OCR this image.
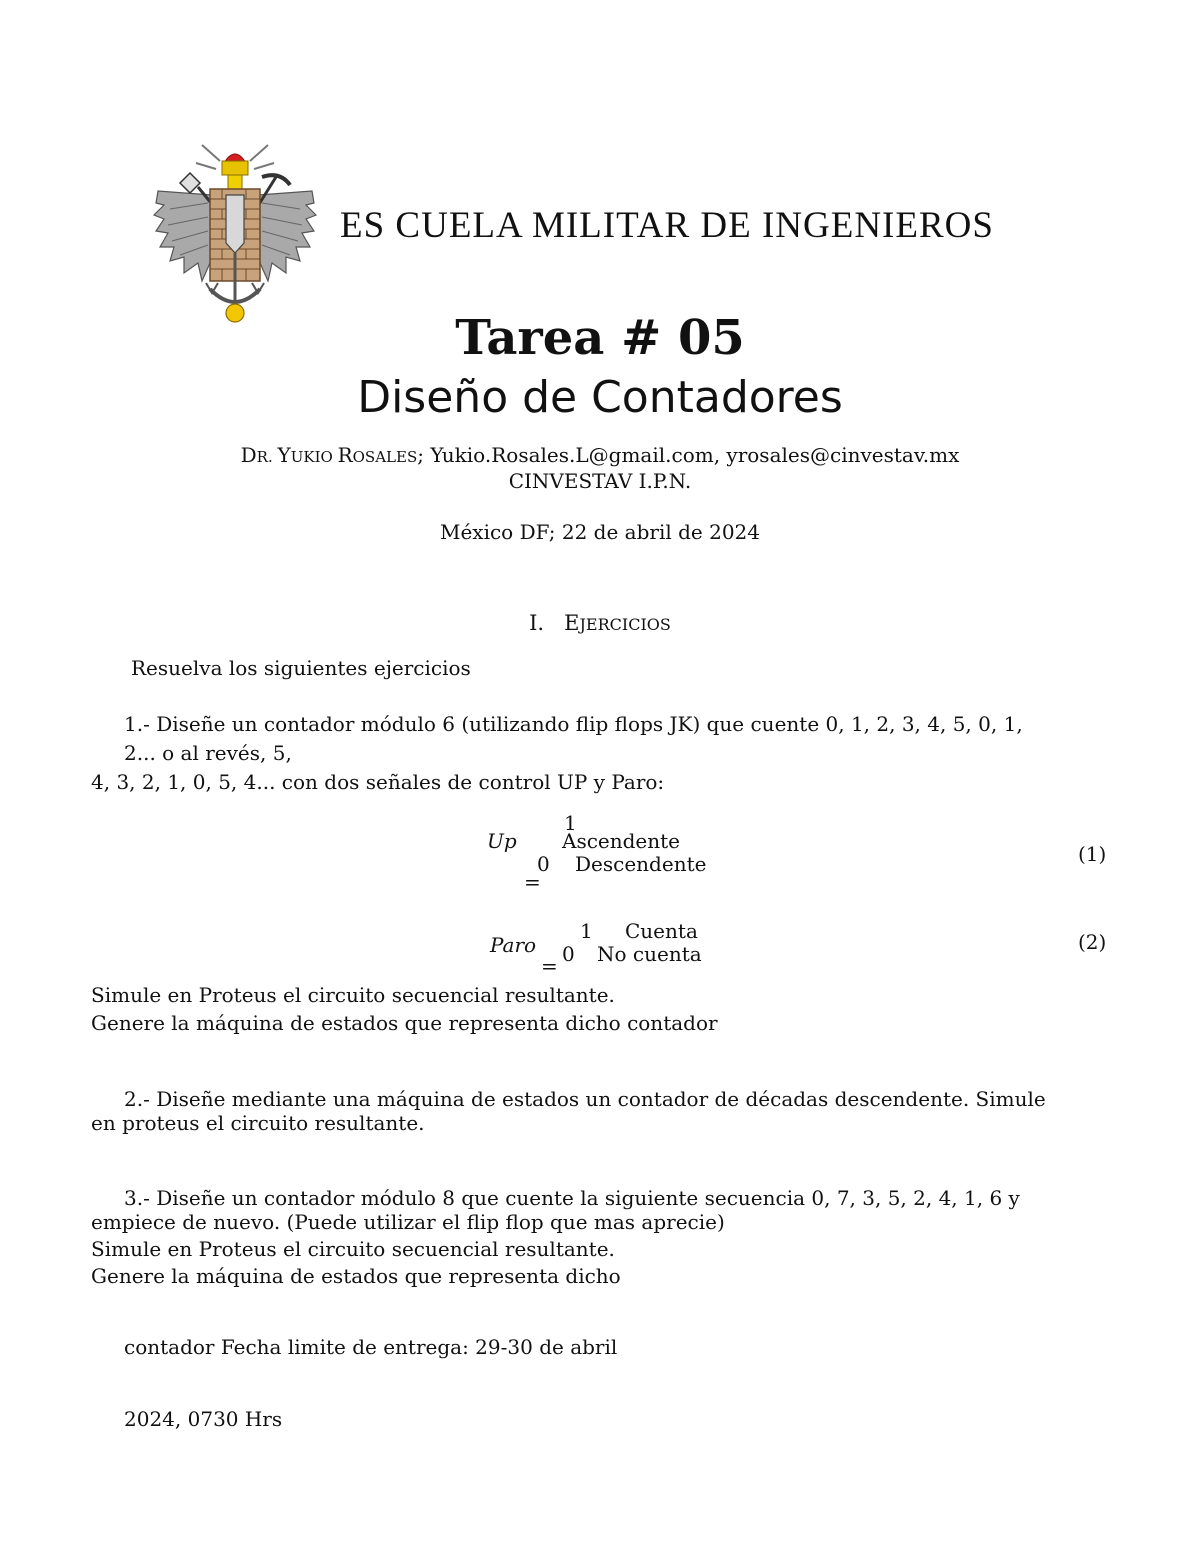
ES CUELA MILITAR DE INGENIEROS
Tarea # 05
Diseño de Contadores
DR. YUKIO ROSALES; Yukio.Rosales.L@gmail.com, yrosales@cinvestav.mx
CINVESTAV I.P.N.
México DF; 22 de abril de 2024
I. EJERCICIOS
Resuelva los siguientes ejercicios
1.- Diseñe un contador módulo 6 (utilizando flip flops JK) que cuente 0, 1, 2, 3, 4, 5, 0, 1,
2... o al revés, 5,
4, 3, 2, 1, 0, 5, 4... con dos señales de control UP y Paro:
Up
=
1
0
Ascendente
Descendente	(1)
Paro
=
1
0
Cuenta
No cuenta	(2)
Simule en Proteus el circuito secuencial resultante.
Genere la máquina de estados que representa dicho contador
2.- Diseñe mediante una máquina de estados un contador de décadas descendente. Simule
en proteus el circuito resultante.
3.- Diseñe un contador módulo 8 que cuente la siguiente secuencia 0, 7, 3, 5, 2, 4, 1, 6 y
empiece de nuevo. (Puede utilizar el flip flop que mas aprecie)
Simule en Proteus el circuito secuencial resultante.
Genere la máquina de estados que representa dicho
contador Fecha limite de entrega: 29-30 de abril
2024, 0730 Hrs
